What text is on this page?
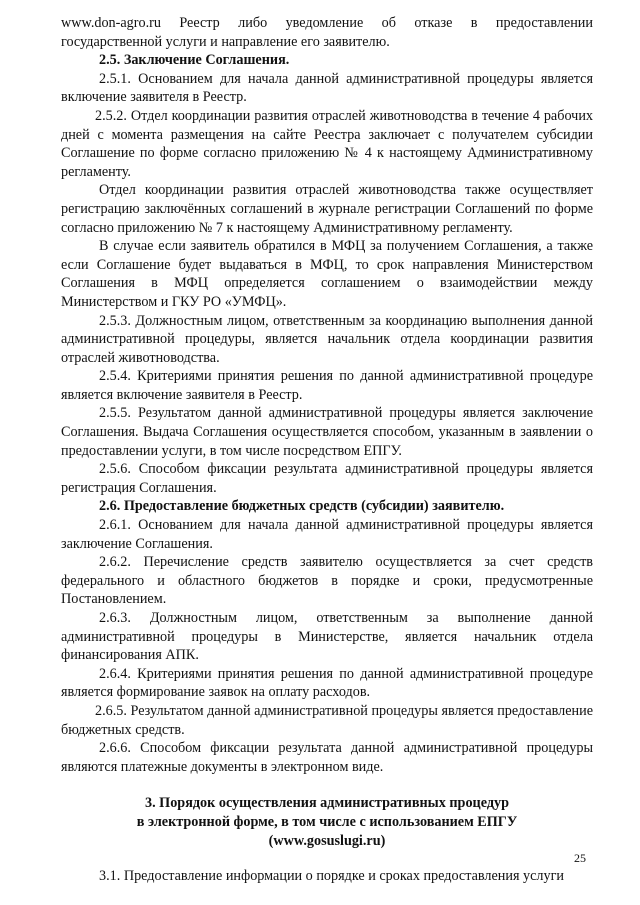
www.don-agro.ru Реестр либо уведомление об отказе в предоставлении государственной услуги и направление его заявителю.

2.5. Заключение Соглашения.

2.5.1. Основанием для начала данной административной процедуры является включение заявителя в Реестр.

2.5.2. Отдел координации развития отраслей животноводства в течение 4 рабочих дней с момента размещения на сайте Реестра заключает с получателем субсидии Соглашение по форме согласно приложению № 4 к настоящему Административному регламенту.

Отдел координации развития отраслей животноводства также осуществляет регистрацию заключённых соглашений в журнале регистрации Соглашений по форме согласно приложению № 7 к настоящему Административному регламенту.

В случае если заявитель обратился в МФЦ за получением Соглашения, а также если Соглашение будет выдаваться в МФЦ, то срок направления Министерством Соглашения в МФЦ определяется соглашением о взаимодействии между Министерством и ГКУ РО «УМФЦ».

2.5.3. Должностным лицом, ответственным за координацию выполнения данной административной процедуры, является начальник отдела координации развития отраслей животноводства.

2.5.4. Критериями принятия решения по данной административной процедуре является включение заявителя в Реестр.

2.5.5. Результатом данной административной процедуры является заключение Соглашения. Выдача Соглашения осуществляется способом, указанным в заявлении о предоставлении услуги, в том числе посредством ЕПГУ.

2.5.6. Способом фиксации результата административной процедуры является регистрация Соглашения.

2.6. Предоставление бюджетных средств (субсидии) заявителю.

2.6.1. Основанием для начала данной административной процедуры является заключение Соглашения.

2.6.2. Перечисление средств заявителю осуществляется за счет средств федерального и областного бюджетов в порядке и сроки, предусмотренные Постановлением.

2.6.3. Должностным лицом, ответственным за выполнение данной административной процедуры в Министерстве, является начальник отдела финансирования АПК.

2.6.4. Критериями принятия решения по данной административной процедуре является формирование заявок на оплату расходов.

2.6.5. Результатом данной административной процедуры является предоставление бюджетных средств.

2.6.6. Способом фиксации результата данной административной процедуры являются платежные документы в электронном виде.

3. Порядок осуществления административных процедур

в электронной форме, в том числе с использованием ЕПГУ

(www.gosuslugi.ru)

3.1. Предоставление информации о порядке и сроках предоставления услуги

25
